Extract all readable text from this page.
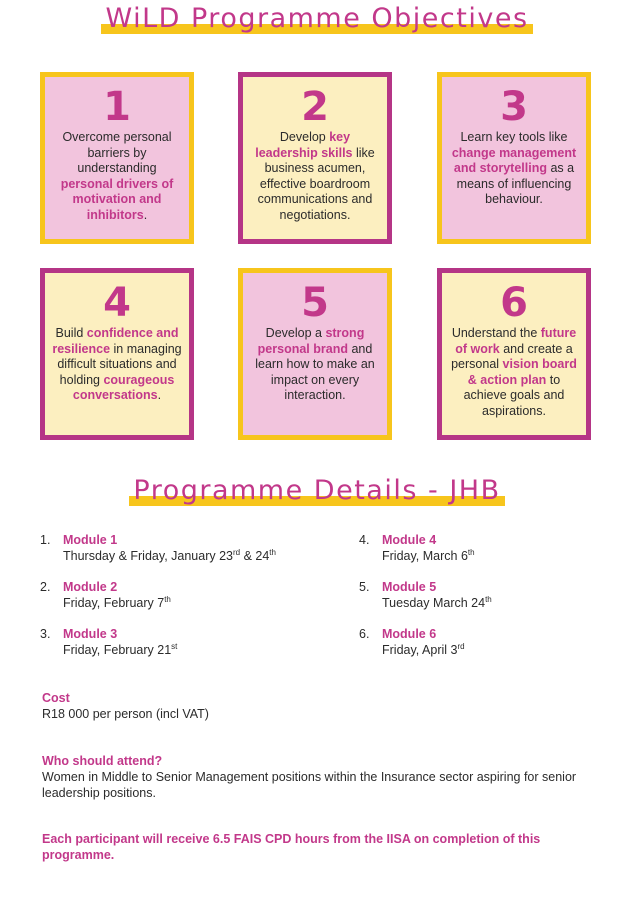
WiLD Programme Objectives
1
Overcome personal barriers by understanding personal drivers of motivation and inhibitors.
2
Develop key leadership skills like business acumen, effective boardroom communications and negotiations.
3
Learn key tools like change management and storytelling as a means of influencing behaviour.
4
Build confidence and resilience in managing difficult situations and holding courageous conversations.
5
Develop a strong personal brand and learn how to make an impact on every interaction.
6
Understand the future of work and create a personal vision board & action plan to achieve goals and aspirations.
Programme Details - JHB
1.	Module 1
Thursday & Friday, January 23rd & 24th
2.	Module 2
Friday, February 7th
3.	Module 3
Friday, February 21st
4.	Module 4
Friday, March 6th
5.	Module 5
Tuesday March 24th
6.	Module 6
Friday, April 3rd
Cost
R18 000 per person (incl VAT)
Who should attend?
Women in Middle to Senior Management positions within the Insurance sector aspiring for senior leadership positions.
Each participant will receive 6.5 FAIS CPD hours from the IISA on completion of this programme.
